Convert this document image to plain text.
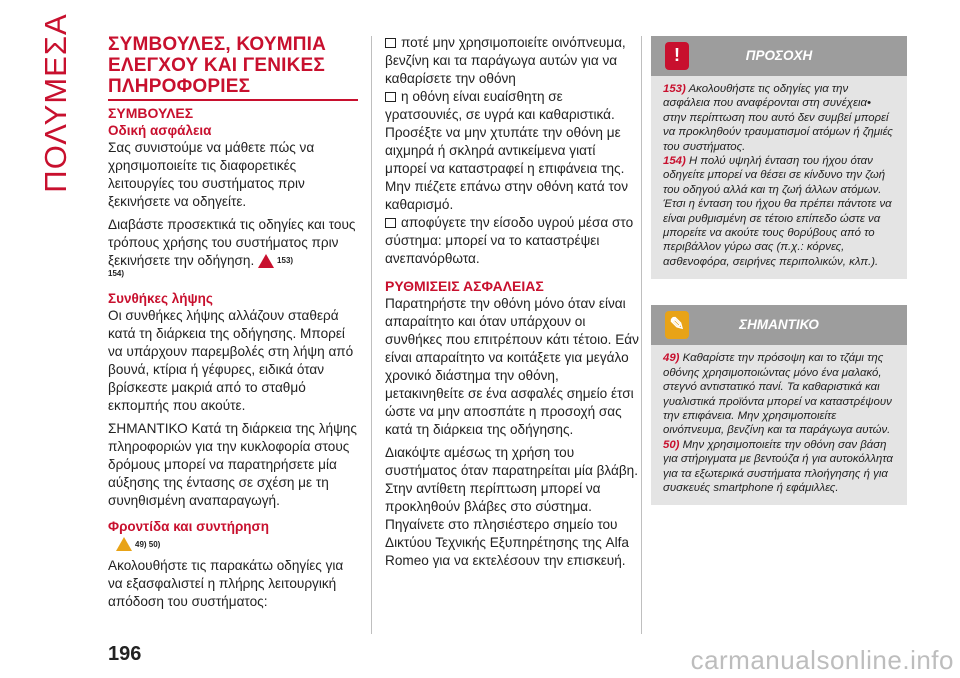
ΠΟΛΥΜΕΣΑ ΣΥΜΒΟΥΛΕΣ, ΚΟΥΜΠΙΑ ΕΛΕΓΧΟΥ ΚΑΙ ΓΕΝΙΚΕΣ ΠΛΗΡΟΦΟΡΙΕΣ
ΣΥΜΒΟΥΛΕΣ
Οδική ασφάλεια

Σας συνιστούμε να μάθετε πώς να χρησιμοποιείτε τις διαφορετικές λειτουργίες του συστήματος πριν ξεκινήσετε να οδηγείτε.

Διαβάστε προσεκτικά τις οδηγίες και τους τρόπους χρήσης του συστήματος πριν ξεκινήσετε την οδήγηση.	153)

154)
Συνθήκες λήψης

Οι συνθήκες λήψης αλλάζουν σταθερά κατά τη διάρκεια της οδήγησης. Μπορεί να υπάρχουν παρεμβολές στη λήψη από βουνά, κτίρια ή γέφυρες, ειδικά όταν βρίσκεστε μακριά από το σταθμό εκπομπής που ακούτε.

ΣΗΜΑΝΤΙΚΟ Κατά τη διάρκεια της λήψης πληροφοριών για την κυκλοφορία στους δρόμους μπορεί να παρατηρήσετε μία αύξησης της έντασης σε σχέση με τη συνηθισμένη αναπαραγωγή.

Φροντίδα και συντήρηση
49) 50)

Ακολουθήστε τις παρακάτω οδηγίες για να εξασφαλιστεί η πλήρης λειτουργική απόδοση του συστήματος:

ποτέ μην χρησιμοποιείτε οινόπνευμα, βενζίνη και τα παράγωγα αυτών για να καθαρίσετε την οθόνη

η οθόνη είναι ευαίσθητη σε γρατσουνιές, σε υγρά και καθαριστικά. Προσέξτε να μην χτυπάτε την οθόνη με αιχμηρά ή σκληρά αντικείμενα γιατί μπορεί να καταστραφεί η επιφάνεια της. Μην πιέζετε επάνω στην οθόνη κατά τον καθαρισμό.

αποφύγετε την είσοδο υγρού μέσα στο σύστημα: μπορεί να το καταστρέψει ανεπανόρθωτα.

ΡΥΘΜΙΣΕΙΣ ΑΣΦΑΛΕΙΑΣ

Παρατηρήστε την οθόνη μόνο όταν είναι απαραίτητο και όταν υπάρχουν οι συνθήκες που επιτρέπουν κάτι τέτοιο. Εάν είναι απαραίτητο να κοιτάξετε για μεγάλο χρονικό διάστημα την οθόνη, μετακινηθείτε σε ένα ασφαλές σημείο έτσι ώστε να μην αποσπάτε η προσοχή σας κατά τη διάρκεια της οδήγησης.

Διακόψτε αμέσως τη χρήση του συστήματος όταν παρατηρείται μία βλάβη. Στην αντίθετη περίπτωση μπορεί να προκληθούν βλάβες στο σύστημα. Πηγαίνετε στο πλησιέστερο σημείο του Δικτύου Τεχνικής Εξυπηρέτησης της Alfa Romeo για να εκτελέσουν την επισκευή.

!	ΠΡΟΣΟΧΗ
153) Ακολουθήστε τις οδηγίες για την ασφάλεια που αναφέρονται στη συνέχεια• στην περίπτωση που αυτό δεν συμβεί μπορεί να προκληθούν τραυματισμοί ατόμων ή ζημιές του συστήματος.
154) Η πολύ υψηλή ένταση του ήχου όταν οδηγείτε μπορεί να θέσει σε κίνδυνο την ζωή του οδηγού αλλά και τη ζωή άλλων ατόμων. Έτσι η ένταση του ήχου θα πρέπει πάντοτε να είναι ρυθμισμένη σε τέτοιο επίπεδο ώστε να μπορείτε να ακούτε τους θορύβους από το περιβάλλον γύρω σας (π.χ.: κόρνες, ασθενοφόρα, σειρήνες περιπολικών, κλπ.).
✎	ΣΗΜΑΝΤΙΚΟ
49) Καθαρίστε την πρόσοψη και το τζάμι της οθόνης χρησιμοποιώντας μόνο ένα μαλακό, στεγνό αντιστατικό πανί. Τα καθαριστικά και γυαλιστικά προϊόντα μπορεί να καταστρέψουν την επιφάνεια. Μην χρησιμοποιείτε οινόπνευμα, βενζίνη και τα παράγωγα αυτών.
50) Μην χρησιμοποιείτε την οθόνη σαν βάση για στήριγματα με βεντούζα ή για αυτοκόλλητα για τα εξωτερικά συστήματα πλοήγησης ή για συσκευές smartphone ή εφάμιλλες.
196	carmanualsonline.info
